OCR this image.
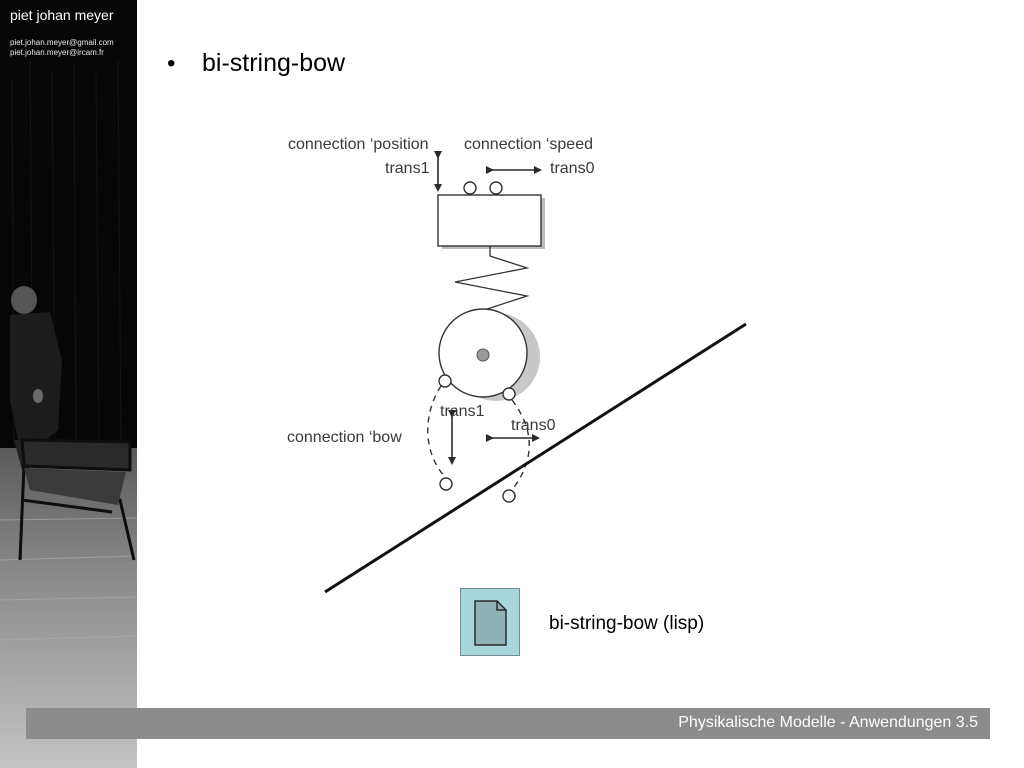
piet johan meyer
piet.johan.meyer@gmail.com
piet.johan.meyer@ircam.fr	• bi-string-bow
connection ‘position connection ‘speed
trans1	trans0
trans1
trans0
connection ‘bow
bi-string-bow (lisp)
Physikalische Modelle - Anwendungen 3.5
